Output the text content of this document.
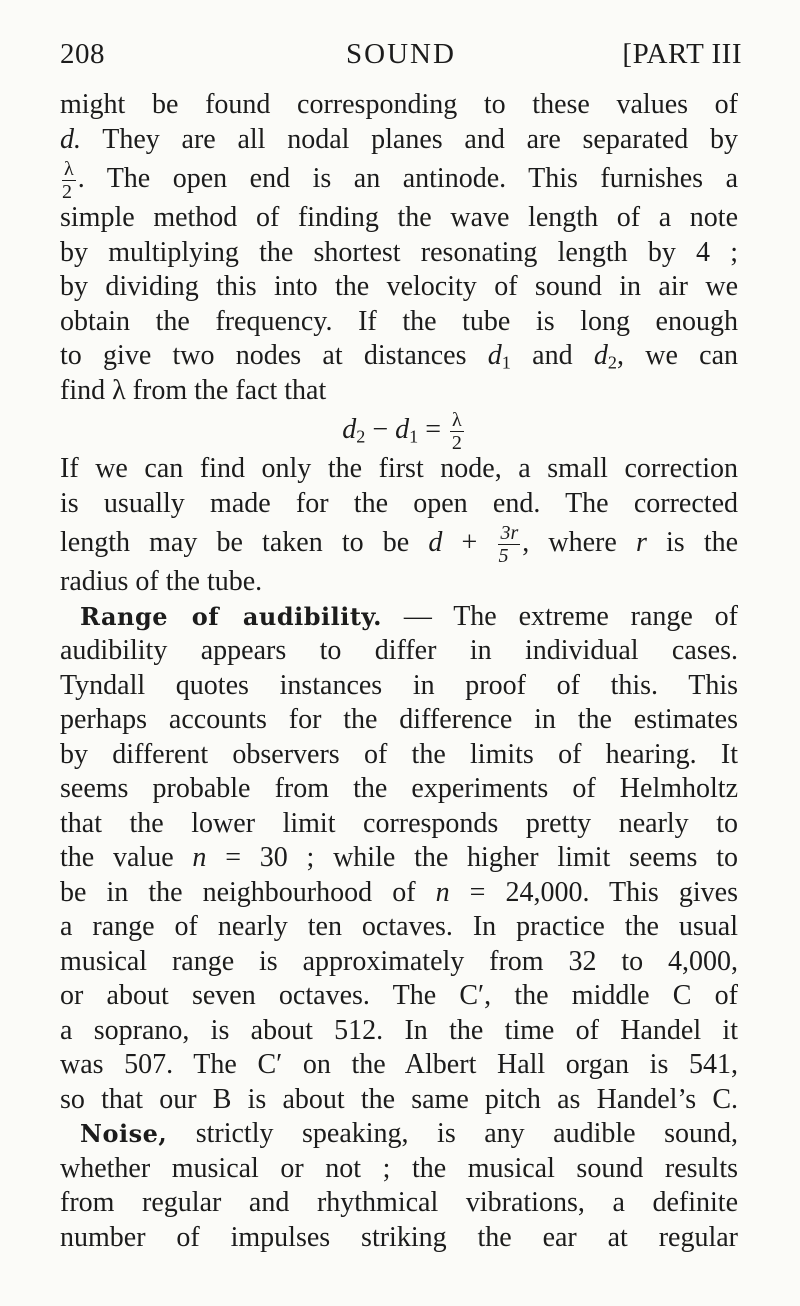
208	SOUND	[PART III
might be found corresponding to these values of
d. They are all nodal planes and are separated by
$\frac{\lambda}{2}$ . The open end is an antinode. This furnishes a
simple method of finding the wave length of a note
by multiplying the shortest resonating length by 4 ;
by dividing this into the velocity of sound in air we
obtain the frequency. If the tube is long enough
to give two nodes at distances $d_1$ and $d_2$, we can
find λ from the fact that
$d_2 - d_1 = \frac{\lambda}{2}$
If we can find only the first node, a small correction
is usually made for the open end. The corrected
length may be taken to be $d + \frac{3r}{5}$ , where r is the
radius of the tube.
Range of audibility. — The extreme range of
audibility appears to differ in individual cases.
Tyndall quotes instances in proof of this. This
perhaps accounts for the difference in the estimates
by different observers of the limits of hearing. It
seems probable from the experiments of Helmholtz
that the lower limit corresponds pretty nearly to
the value n = 30 ; while the higher limit seems to
be in the neighbourhood of n = 24,000. This gives
a range of nearly ten octaves. In practice the usual
musical range is approximately from 32 to 4,000,
or about seven octaves. The C′, the middle C of
a soprano, is about 512. In the time of Handel it
was 507. The C′ on the Albert Hall organ is 541,
so that our B is about the same pitch as Handel’s C.
Noise, strictly speaking, is any audible sound,
whether musical or not ; the musical sound results
from regular and rhythmical vibrations, a definite
number of impulses striking the ear at regular
